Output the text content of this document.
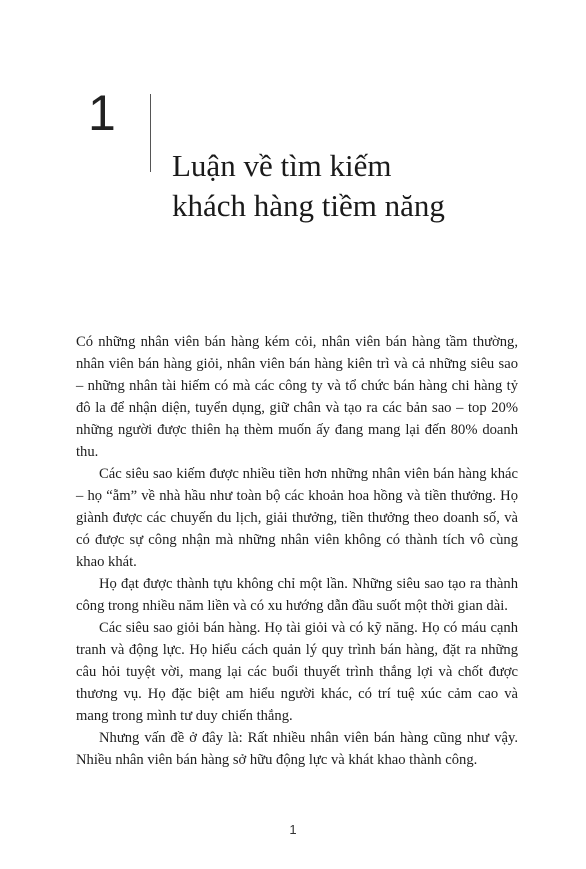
1
Luận về tìm kiếm
khách hàng tiềm năng

Có những nhân viên bán hàng kém cỏi, nhân viên bán hàng tầm thường, nhân viên bán hàng giỏi, nhân viên bán hàng kiên trì và cả những siêu sao – những nhân tài hiếm có mà các công ty và tổ chức bán hàng chi hàng tỷ đô la để nhận diện, tuyển dụng, giữ chân và tạo ra các bản sao – top 20% những người được thiên hạ thèm muốn ấy đang mang lại đến 80% doanh thu.

Các siêu sao kiếm được nhiều tiền hơn những nhân viên bán hàng khác – họ “ẵm” về nhà hầu như toàn bộ các khoản hoa hồng và tiền thưởng. Họ giành được các chuyến du lịch, giải thưởng, tiền thưởng theo doanh số, và có được sự công nhận mà những nhân viên không có thành tích vô cùng khao khát.

Họ đạt được thành tựu không chỉ một lần. Những siêu sao tạo ra thành công trong nhiều năm liền và có xu hướng dẫn đầu suốt một thời gian dài.

Các siêu sao giỏi bán hàng. Họ tài giỏi và có kỹ năng. Họ có máu cạnh tranh và động lực. Họ hiểu cách quản lý quy trình bán hàng, đặt ra những câu hỏi tuyệt vời, mang lại các buổi thuyết trình thắng lợi và chốt được thương vụ. Họ đặc biệt am hiểu người khác, có trí tuệ xúc cảm cao và mang trong mình tư duy chiến thắng.

Nhưng vấn đề ở đây là: Rất nhiều nhân viên bán hàng cũng như vậy. Nhiều nhân viên bán hàng sở hữu động lực và khát khao thành công.

1
